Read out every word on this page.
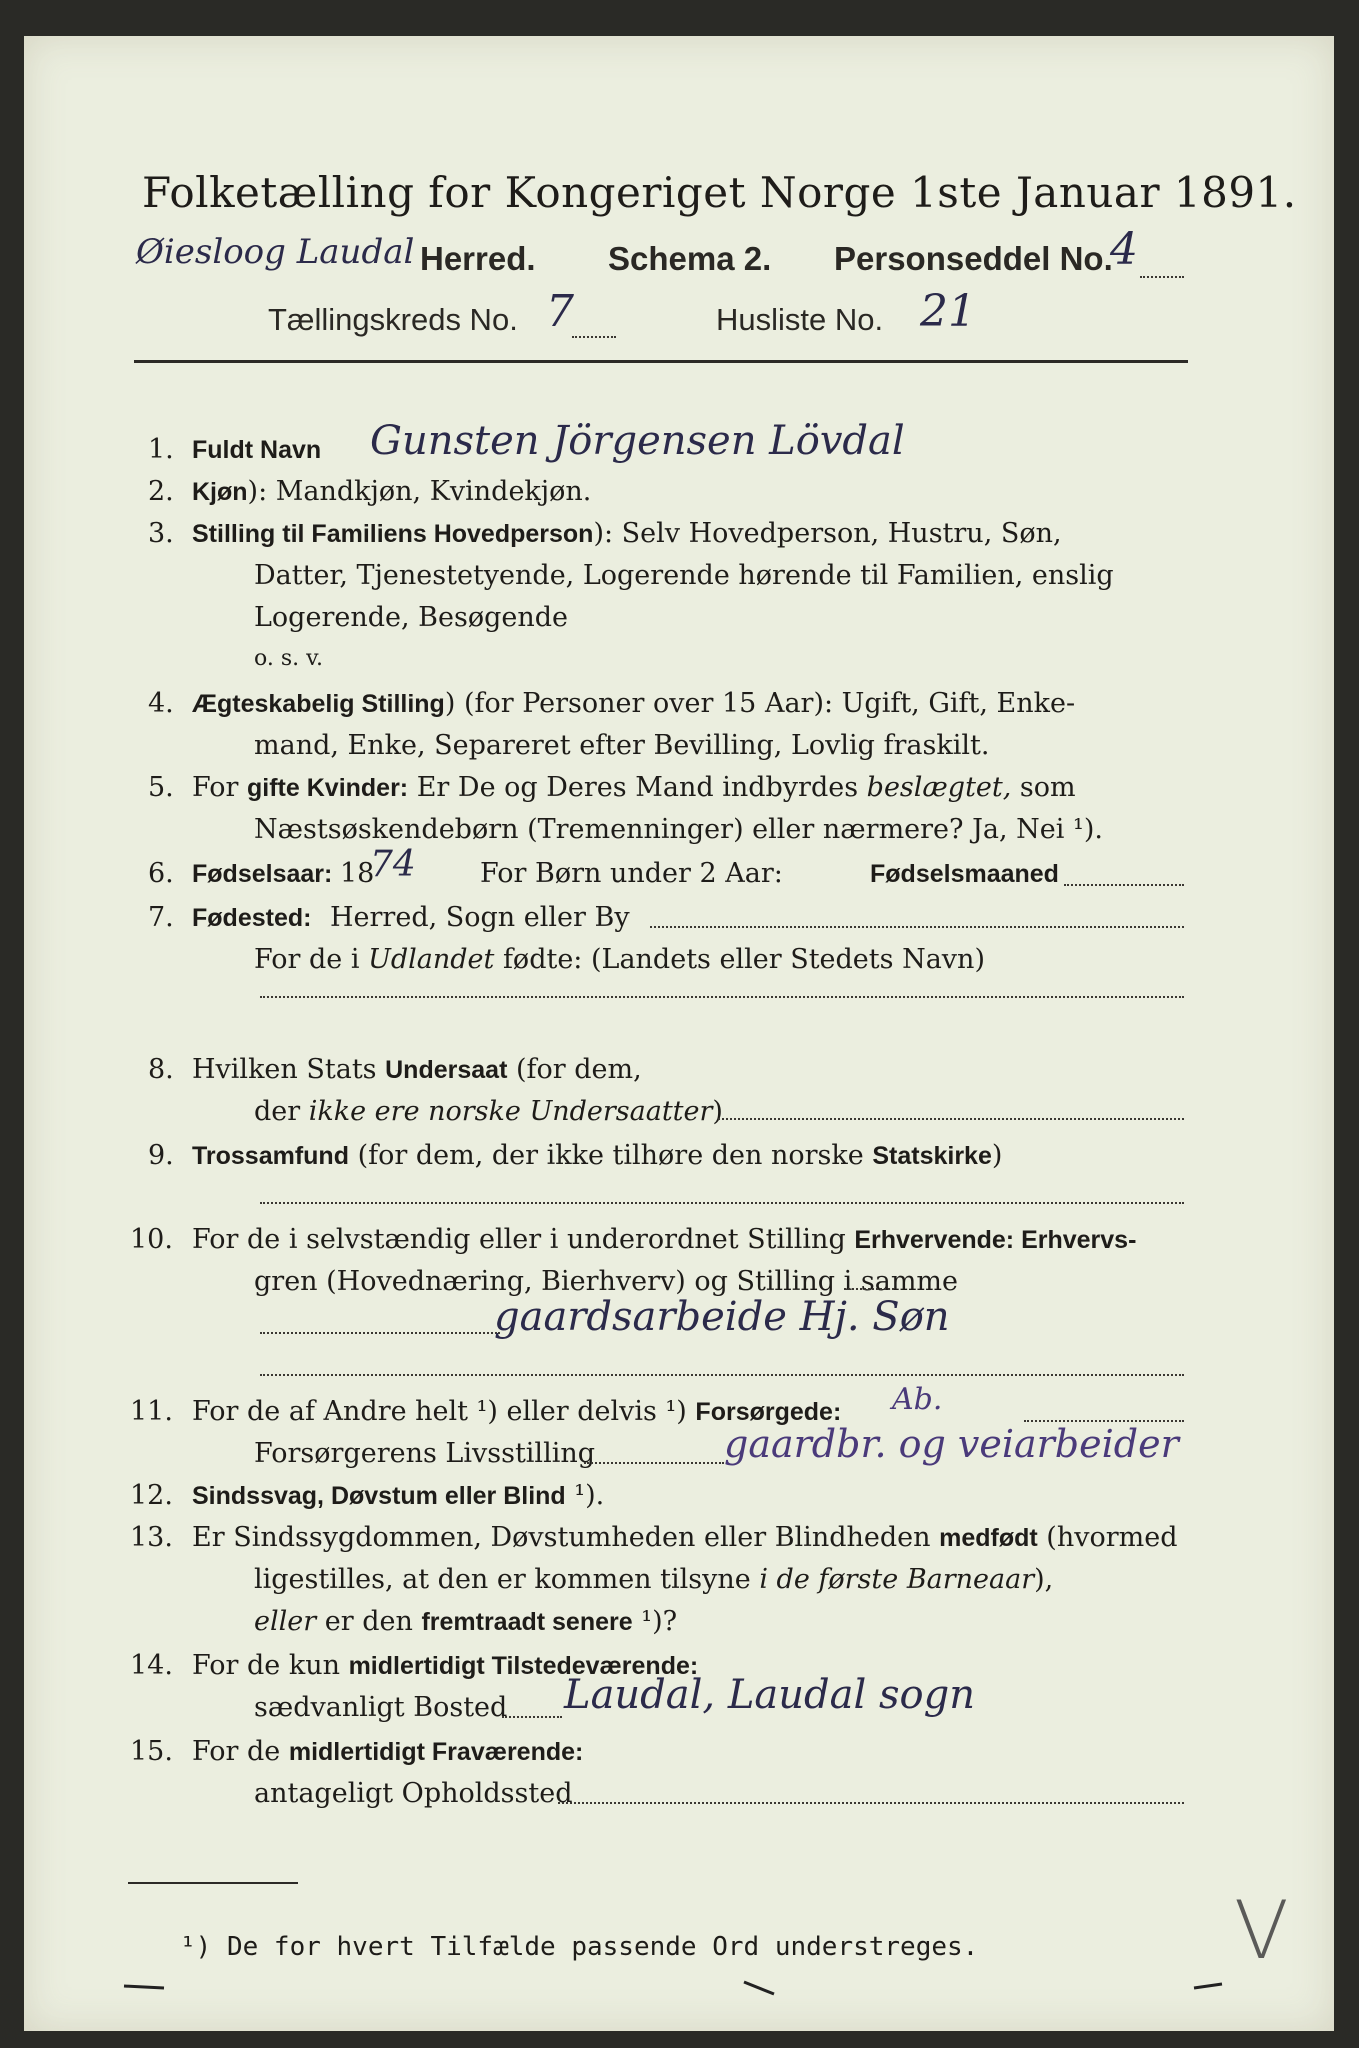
Folketælling for Kongeriget Norge 1ste Januar 1891.
Øiesloog Laudal Herred. Schema 2. Personseddel No.
4
Tællingskreds No. 7	Husliste No. 21
1. Fuldt Navn Gunsten Jörgensen Lövdal
2. Kjøn): Mandkjøn, Kvindekjøn.
3. Stilling til Familiens Hovedperson): Selv Hovedperson, Hustru, Søn,
Datter, Tjenestetyende, Logerende hørende til Familien, enslig
Logerende, Besøgende
o. s. v.
4. Ægteskabelig Stilling) (for Personer over 15 Aar): Ugift, Gift, Enke-
mand, Enke, Separeret efter Bevilling, Lovlig fraskilt.
5. For gifte Kvinder: Er De og Deres Mand indbyrdes beslægtet, som
Næstsøskendebørn (Tremenninger) eller nærmere? Ja, Nei ¹).
6. Fødselsaar: 18
74 For Børn under 2 Aar:	Fødselsmaaned
7. Fødested: Herred, Sogn eller By
For de i Udlandet fødte: (Landets eller Stedets Navn)
8. Hvilken Stats Undersaat (for dem,
der ikke ere norske Undersaatter)
9. Trossamfund (for dem, der ikke tilhøre den norske Statskirke)
10. For de i selvstændig eller i underordnet Stilling Erhvervende: Erhvervs-
gren (Hovednæring, Bierhverv) og Stilling i samme
gaardsarbeide Hj. Søn
11. For de af Andre helt ¹) eller delvis ¹) Forsørgede: Ab.
Forsørgerens Livsstilling	gaardbr. og veiarbeider
12. Sindssvag, Døvstum eller Blind ¹).
13. Er Sindssygdommen, Døvstumheden eller Blindheden medfødt (hvormed
ligestilles, at den er kommen tilsyne i de første Barneaar),
eller er den fremtraadt senere ¹)?
14. For de kun midlertidigt Tilstedeværende:
sædvanligt Bosted Laudal, Laudal sogn
15. For de midlertidigt Fraværende:
antageligt Opholdssted
¹) De for hvert Tilfælde passende Ord understreges.	V
